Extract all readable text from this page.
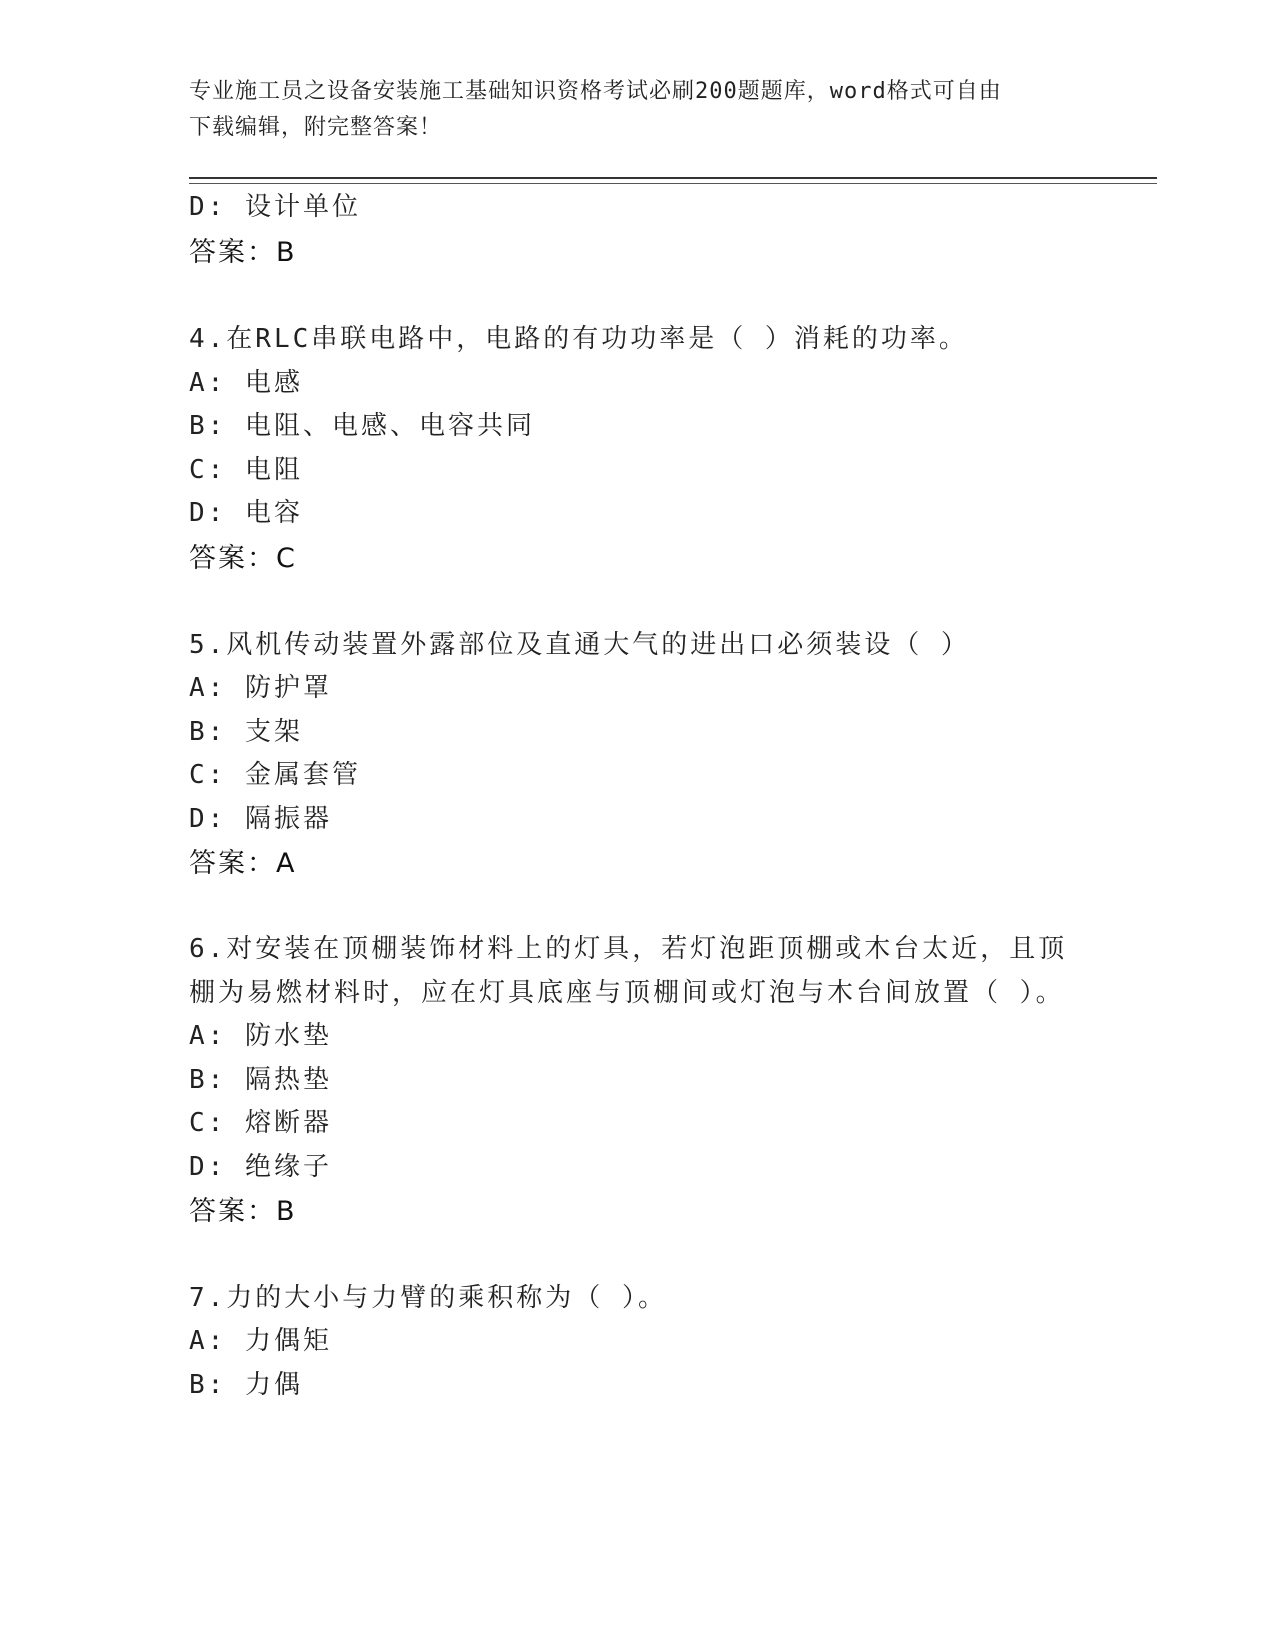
专业施工员之设备安装施工基础知识资格考试必刷200题题库，word格式可自由
下载编辑，附完整答案！
D: 设计单位
答案：B
4.在RLC串联电路中，电路的有功功率是（ ）消耗的功率。
A: 电感
B: 电阻、电感、电容共同
C: 电阻
D: 电容
答案：C
5.风机传动装置外露部位及直通大气的进出口必须装设（ ）
A: 防护罩
B: 支架
C: 金属套管
D: 隔振器
答案：A
6.对安装在顶棚装饰材料上的灯具，若灯泡距顶棚或木台太近，且顶
棚为易燃材料时，应在灯具底座与顶棚间或灯泡与木台间放置（ ）。
A: 防水垫
B: 隔热垫
C: 熔断器
D: 绝缘子
答案：B
7.力的大小与力臂的乘积称为（ ）。
A: 力偶矩
B: 力偶
